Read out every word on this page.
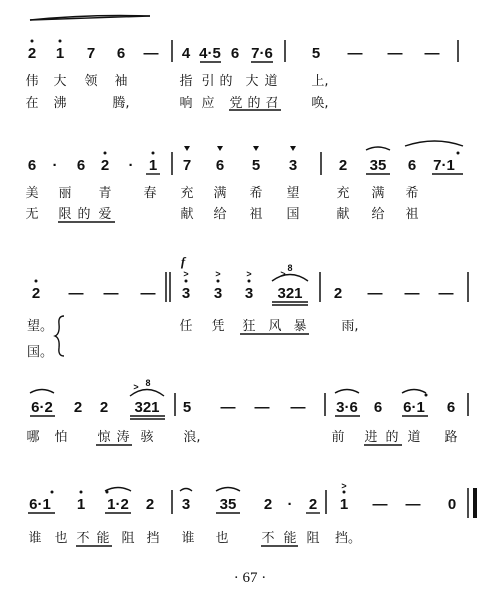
2 1 7 6 — 4 4·5 6 7·6	5 — — —
伟 大 领 袖	指 引 的 大 道	上,
在 沸	腾,	响 应 党 的 召	唤,
6 · 6 2 · 1 7 6 5 3	2 35 6 7·1
美 丽 青 春 充 满 希 望	充 满 希
无 限 的 爱	献 给 祖 国	献 给 祖
2 — — —
f
>
3
>
3
>
3
>
321
8
2 — — —
望。
国。
任 凭 狂 风 暴	雨,
6·2 2 2
>
321
8
5 — — — 3·6 6 6·1 6
哪 怕 惊 涛 骇 浪,	前 进 的 道 路
6·1 1 1·2 2 3 35 2 · 2
>
1 — — 0
谁 也 不 能 阻 挡 谁 也	不 能 阻 挡。
· 67 ·
